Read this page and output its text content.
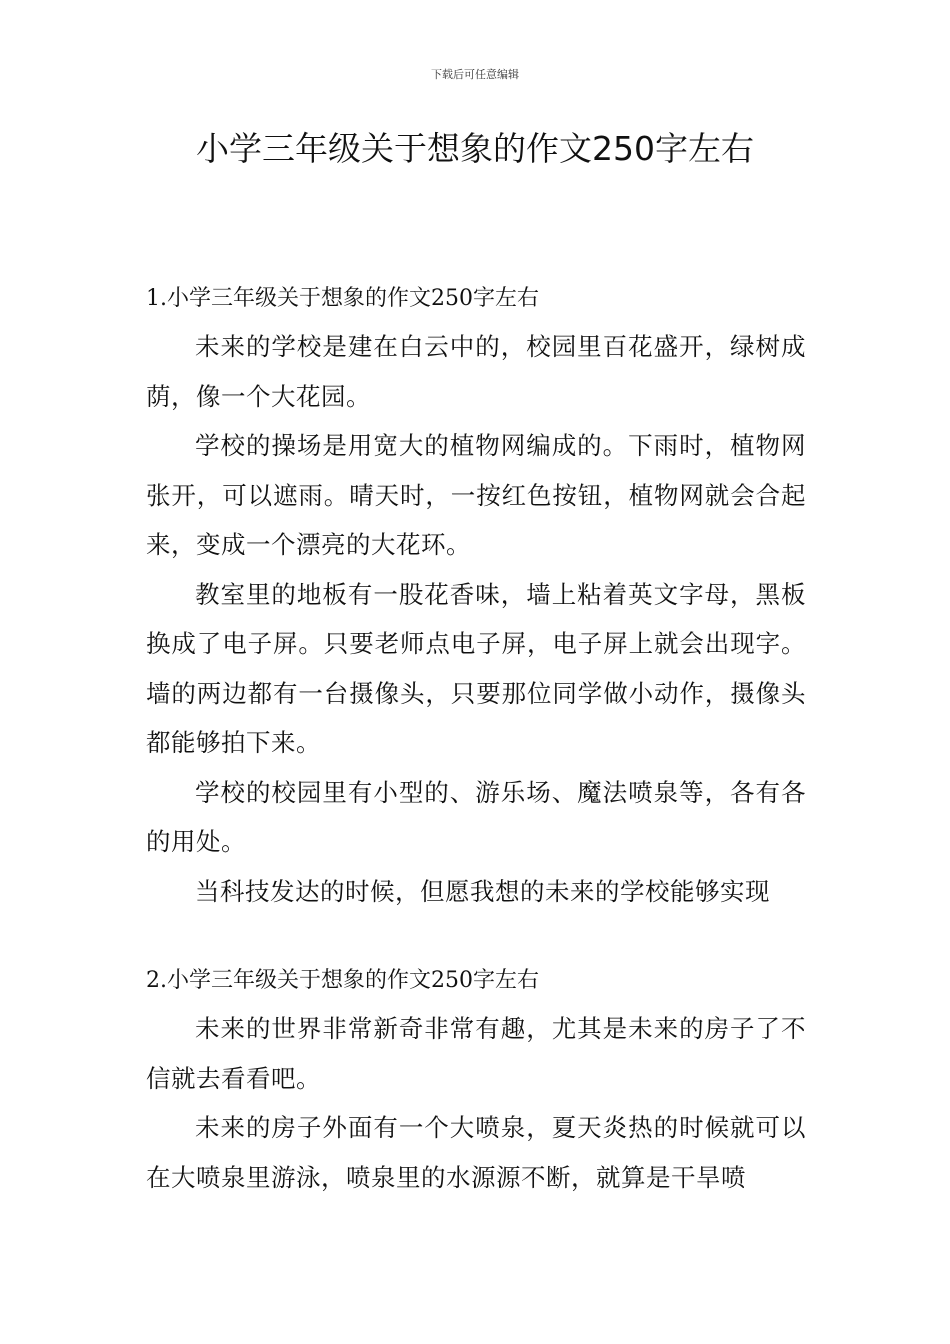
下载后可任意编辑
小学三年级关于想象的作文250字左右
1.小学三年级关于想象的作文250字左右

未来的学校是建在白云中的，校园里百花盛开，绿树成荫，像一个大花园。

学校的操场是用宽大的植物网编成的。下雨时，植物网张开，可以遮雨。晴天时，一按红色按钮，植物网就会合起来，变成一个漂亮的大花环。

教室里的地板有一股花香味，墙上粘着英文字母，黑板换成了电子屏。只要老师点电子屏，电子屏上就会出现字。墙的两边都有一台摄像头，只要那位同学做小动作，摄像头都能够拍下来。

学校的校园里有小型的、游乐场、魔法喷泉等，各有各的用处。

当科技发达的时候，但愿我想的未来的学校能够实现

2.小学三年级关于想象的作文250字左右

未来的世界非常新奇非常有趣，尤其是未来的房子了不信就去看看吧。

未来的房子外面有一个大喷泉，夏天炎热的时候就可以在大喷泉里游泳，喷泉里的水源源不断，就算是干旱喷
